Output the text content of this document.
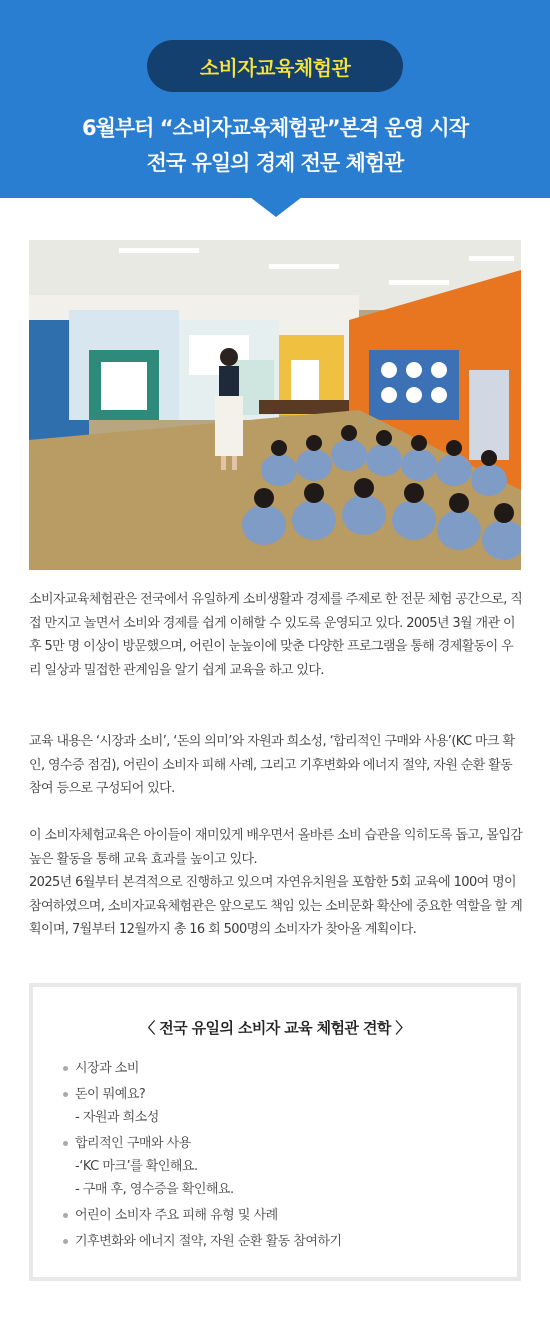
소비자교육체험관
6월부터 “소비자교육체험관”본격 운영 시작
전국 유일의 경제 전문 체험관

소비자교육체험관은 전국에서 유일하게 소비생활과 경제를 주제로 한 전문 체험 공간으로, 직접 만지고 놀면서 소비와 경제를 쉽게 이해할 수 있도록 운영되고 있다. 2005년 3월 개관 이후 5만 명 이상이 방문했으며, 어린이 눈높이에 맞춘 다양한 프로그램을 통해 경제활동이 우리 일상과 밀접한 관계임을 알기 쉽게 교육을 하고 있다.

교육 내용은 ‘시장과 소비’, ‘돈의 의미’와 자원과 희소성, ‘합리적인 구매와 사용’(KC 마크 확인, 영수증 점검), 어린이 소비자 피해 사례, 그리고 기후변화와 에너지 절약, 자원 순환 활동 참여 등으로 구성되어 있다.

이 소비자체험교육은 아이들이 재미있게 배우면서 올바른 소비 습관을 익히도록 돕고, 몰입감 높은 활동을 통해 교육 효과를 높이고 있다.

2025년 6월부터 본격적으로 진행하고 있으며 자연유치원을 포함한 5회 교육에 100여 명이 참여하였으며, 소비자교육체험관은 앞으로도 책임 있는 소비문화 확산에 중요한 역할을 할 계획이며, 7월부터 12월까지 총 16 회 500명의 소비자가 찾아올 계획이다.

〈 전국 유일의 소비자 교육 체험관 견학 〉
시장과 소비
돈이 뭐예요?
- 자원과 희소성
합리적인 구매와 사용
-‘KC 마크’를 확인해요.
- 구매 후, 영수증을 확인해요.
어린이 소비자 주요 피해 유형 및 사례
기후변화와 에너지 절약, 자원 순환 활동 참여하기
